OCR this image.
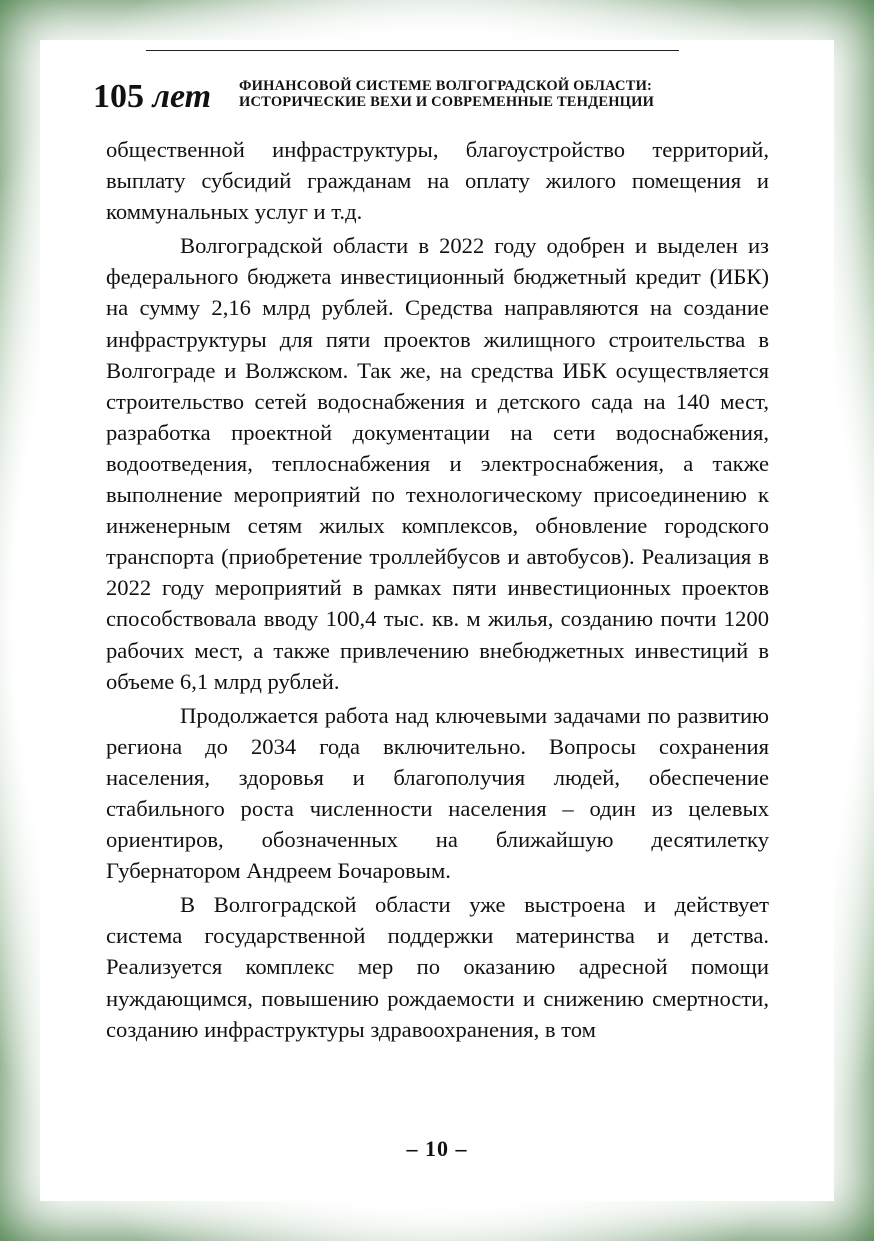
105 лет ФИНАНСОВОЙ СИСТЕМЕ ВОЛГОГРАДСКОЙ ОБЛАСТИ:
ИСТОРИЧЕСКИЕ ВЕХИ И СОВРЕМЕННЫЕ ТЕНДЕНЦИИ

общественной инфраструктуры, благоустройство территорий, выплату субсидий гражданам на оплату жилого помещения и коммунальных услуг и т.д.

Волгоградской области в 2022 году одобрен и выделен из федерального бюджета инвестиционный бюджетный кредит (ИБК) на сумму 2,16 млрд рублей. Средства направляются на создание инфраструктуры для пяти проектов жилищного строительства в Волгограде и Волжском. Так же, на средства ИБК осуществляется строительство сетей водоснабжения и детского сада на 140 мест, разработка проектной документации на сети водоснабжения, водоотведения, теплоснабжения и электроснабжения, а также выполнение мероприятий по технологическому присоединению к инженерным сетям жилых комплексов, обновление городского транспорта (приобретение троллейбусов и автобусов). Реализация в 2022 году мероприятий в рамках пяти инвестиционных проектов способствовала вводу 100,4 тыс. кв. м жилья, созданию почти 1200 рабочих мест, а также привлечению внебюджетных инвестиций в объеме 6,1 млрд рублей.

Продолжается работа над ключевыми задачами по развитию региона до 2034 года включительно. Вопросы сохранения населения, здоровья и благополучия людей, обеспечение стабильного роста численности населения – один из целевых ориентиров, обозначенных на ближайшую десятилетку Губернатором Андреем Бочаровым.

В Волгоградской области уже выстроена и действует система государственной поддержки материнства и детства. Реализуется комплекс мер по оказанию адресной помощи нуждающимся, повышению рождаемости и снижению смертности, созданию инфраструктуры здравоохранения, в том

– 10 –
